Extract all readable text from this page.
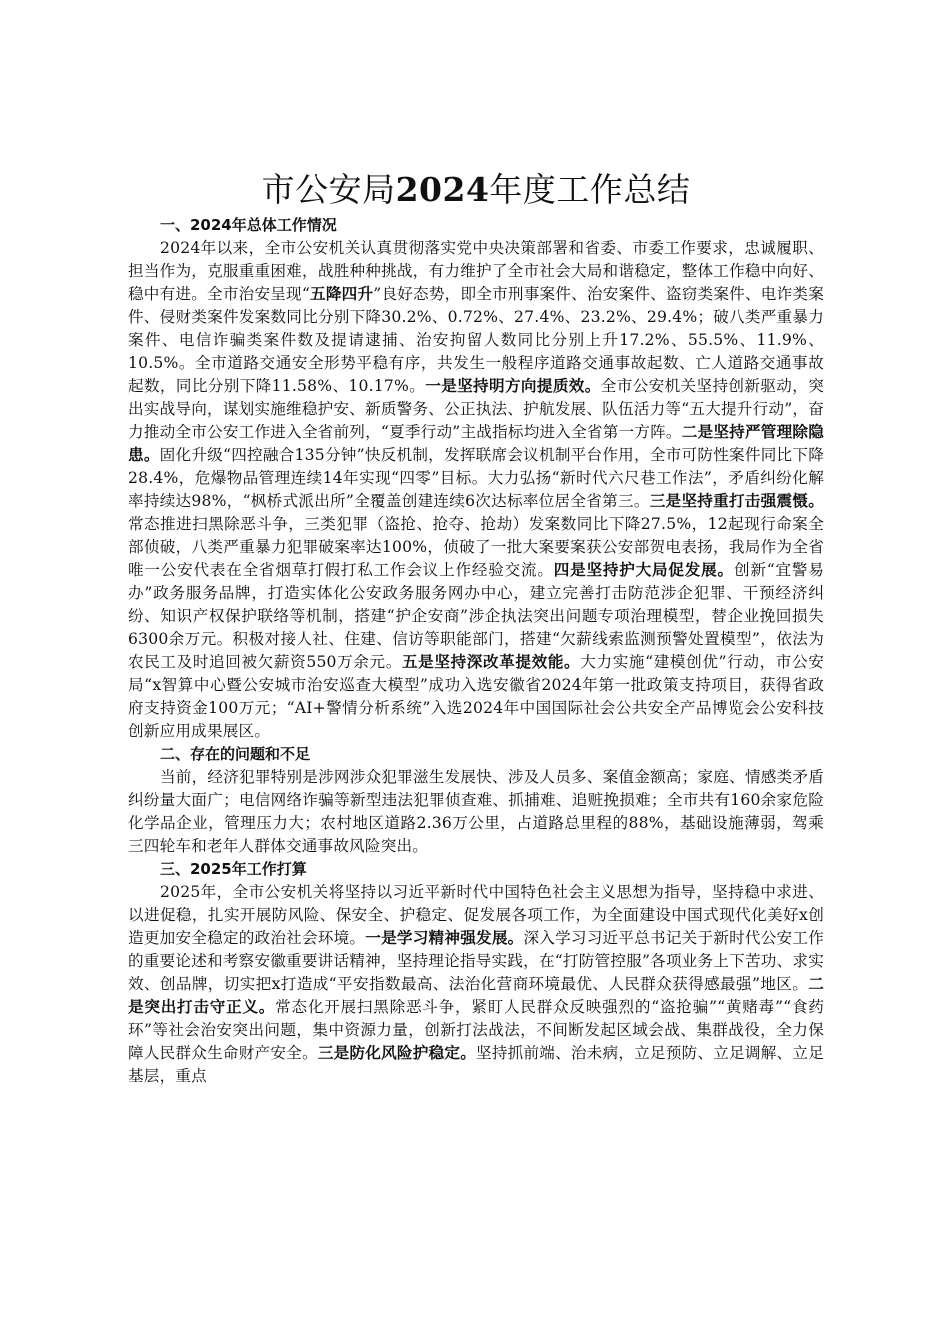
市公安局2024年度工作总结

一、2024年总体工作情况

2024年以来，全市公安机关认真贯彻落实党中央决策部署和省委、市委工作要求，忠诚履职、担当作为，克服重重困难，战胜种种挑战，有力维护了全市社会大局和谐稳定，整体工作稳中向好、稳中有进。全市治安呈现“五降四升”良好态势，即全市刑事案件、治安案件、盗窃类案件、电诈类案件、侵财类案件发案数同比分别下降30.2%、0.72%、27.4%、23.2%、29.4%；破八类严重暴力案件、电信诈骗类案件数及提请逮捕、治安拘留人数同比分别上升17.2%、55.5%、11.9%、10.5%。全市道路交通安全形势平稳有序，共发生一般程序道路交通事故起数、亡人道路交通事故起数，同比分别下降11.58%、10.17%。一是坚持明方向提质效。全市公安机关坚持创新驱动，突出实战导向，谋划实施维稳护安、新质警务、公正执法、护航发展、队伍活力等“五大提升行动”，奋力推动全市公安工作进入全省前列，“夏季行动”主战指标均进入全省第一方阵。二是坚持严管理除隐患。固化升级“四控融合135分钟”快反机制，发挥联席会议机制平台作用，全市可防性案件同比下降28.4%，危爆物品管理连续14年实现“四零”目标。大力弘扬“新时代六尺巷工作法”，矛盾纠纷化解率持续达98%，“枫桥式派出所”全覆盖创建连续6次达标率位居全省第三。三是坚持重打击强震慑。常态推进扫黑除恶斗争，三类犯罪（盗抢、抢夺、抢劫）发案数同比下降27.5%，12起现行命案全部侦破，八类严重暴力犯罪破案率达100%，侦破了一批大案要案获公安部贺电表扬，我局作为全省唯一公安代表在全省烟草打假打私工作会议上作经验交流。四是坚持护大局促发展。创新“宜警易办”政务服务品牌，打造实体化公安政务服务网办中心，建立完善打击防范涉企犯罪、干预经济纠纷、知识产权保护联络等机制，搭建“护企安商”涉企执法突出问题专项治理模型，替企业挽回损失6300余万元。积极对接人社、住建、信访等职能部门，搭建“欠薪线索监测预警处置模型”，依法为农民工及时追回被欠薪资550万余元。五是坚持深改革提效能。大力实施“建模创优”行动，市公安局“x智算中心暨公安城市治安巡查大模型”成功入选安徽省2024年第一批政策支持项目，获得省政府支持资金100万元；“AI+警情分析系统”入选2024年中国国际社会公共安全产品博览会公安科技创新应用成果展区。

二、存在的问题和不足

当前，经济犯罪特别是涉网涉众犯罪滋生发展快、涉及人员多、案值金额高；家庭、情感类矛盾纠纷量大面广；电信网络诈骗等新型违法犯罪侦查难、抓捕难、追赃挽损难；全市共有160余家危险化学品企业，管理压力大；农村地区道路2.36万公里，占道路总里程的88%，基础设施薄弱，驾乘三四轮车和老年人群体交通事故风险突出。

三、2025年工作打算

2025年，全市公安机关将坚持以习近平新时代中国特色社会主义思想为指导，坚持稳中求进、以进促稳，扎实开展防风险、保安全、护稳定、促发展各项工作，为全面建设中国式现代化美好x创造更加安全稳定的政治社会环境。一是学习精神强发展。深入学习习近平总书记关于新时代公安工作的重要论述和考察安徽重要讲话精神，坚持理论指导实践，在“打防管控服”各项业务上下苦功、求实效、创品牌，切实把x打造成“平安指数最高、法治化营商环境最优、人民群众获得感最强”地区。二是突出打击守正义。常态化开展扫黑除恶斗争，紧盯人民群众反映强烈的“盗抢骗”“黄赌毒”“食药环”等社会治安突出问题，集中资源力量，创新打法战法，不间断发起区域会战、集群战役，全力保障人民群众生命财产安全。三是防化风险护稳定。坚持抓前端、治未病，立足预防、立足调解、立足基层，重点
